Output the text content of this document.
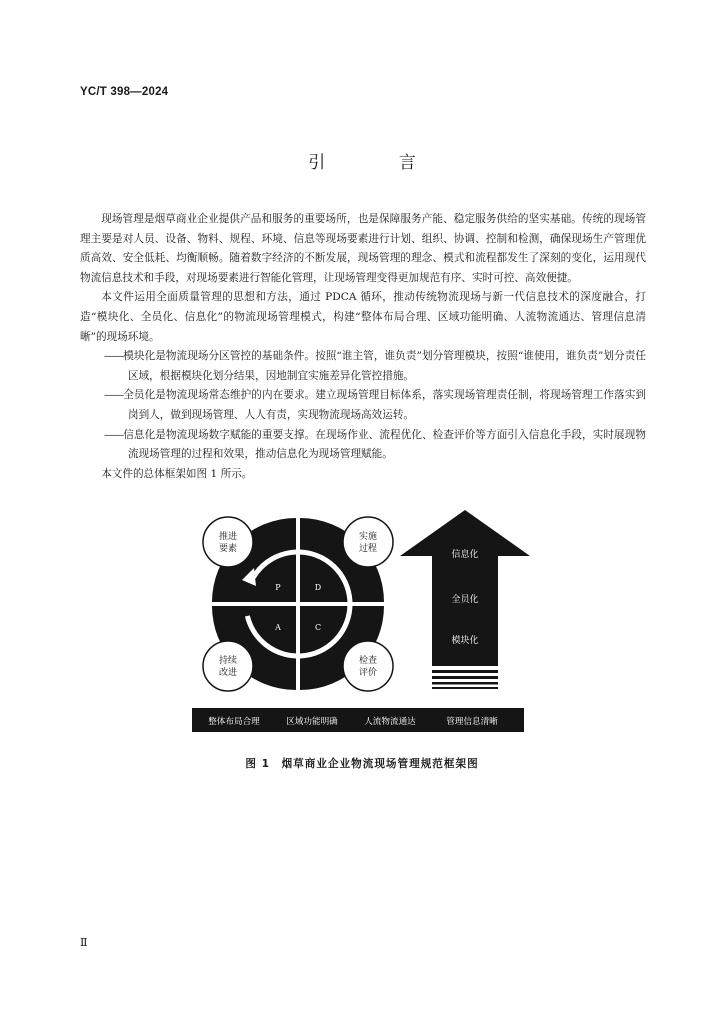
YC/T 398—2024
引 言

现场管理是烟草商业企业提供产品和服务的重要场所，也是保障服务产能、稳定服务供给的坚实基础。传统的现场管理主要是对人员、设备、物料、规程、环境、信息等现场要素进行计划、组织、协调、控制和检测，确保现场生产管理优质高效、安全低耗、均衡顺畅。随着数字经济的不断发展，现场管理的理念、模式和流程都发生了深刻的变化，运用现代物流信息技术和手段，对现场要素进行智能化管理，让现场管理变得更加规范有序、实时可控、高效便捷。

本文件运用全面质量管理的思想和方法，通过 PDCA 循环，推动传统物流现场与新一代信息技术的深度融合，打造“模块化、全员化、信息化”的物流现场管理模式，构建“整体布局合理、区域功能明确、人流物流通达、管理信息清晰”的现场环境。

——模块化是物流现场分区管控的基础条件。按照“谁主管，谁负责”划分管理模块，按照“谁使用，谁负责”划分责任区域，根据模块化划分结果，因地制宜实施差异化管控措施。

——全员化是物流现场常态维护的内在要求。建立现场管理目标体系，落实现场管理责任制，将现场管理工作落实到岗到人，做到现场管理、人人有责，实现物流现场高效运转。

——信息化是物流现场数字赋能的重要支撑。在现场作业、流程优化、检查评价等方面引入信息化手段，实时展现物流现场管理的过程和效果，推动信息化为现场管理赋能。

本文件的总体框架如图 1 所示。

推进
要素
实施
过程
持续
改进
检查
评价
P	D
A	C
信息化
全员化
模块化
整体布局合理	区域功能明确	人流物流通达	管理信息清晰
图 1　烟草商业企业物流现场管理规范框架图
Ⅱ
